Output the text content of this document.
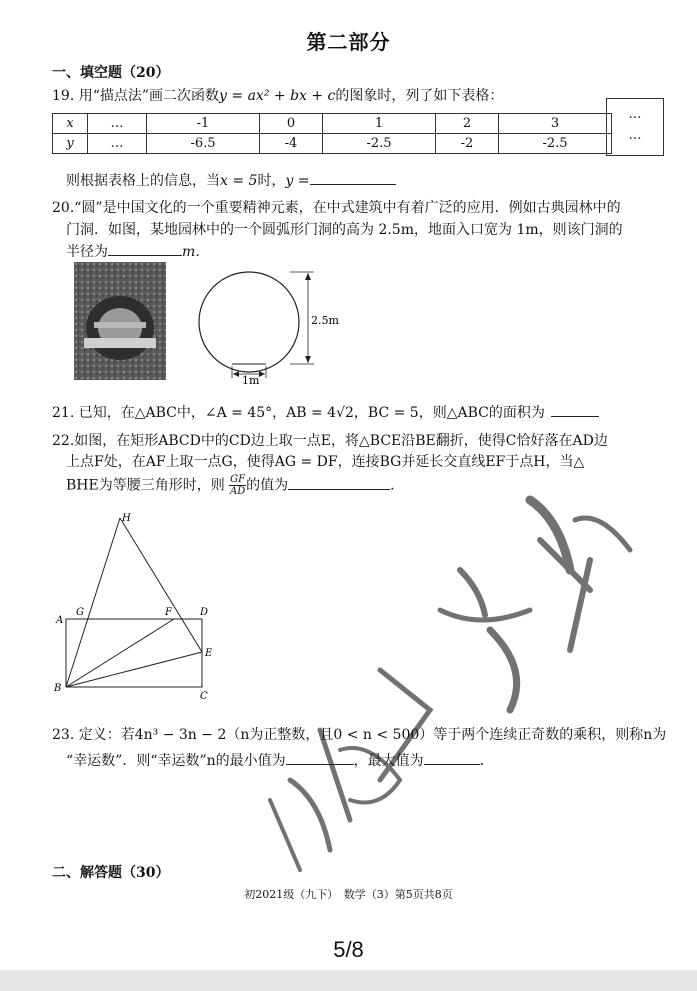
第二部分
一、填空题（20）
19. 用“描点法”画二次函数y = ax² + bx + c的图象时，列了如下表格：
x	…	-1	0	1	2	3
y	…	-6.5	-4	-2.5	-2	-2.5
…
…
则根据表格上的信息，当x = 5时，y =
20.“圆”是中国文化的一个重要精神元素，在中式建筑中有着广泛的应用．例如古典园林中的
门洞．如图，某地园林中的一个圆弧形门洞的高为 2.5m，地面入口宽为 1m，则该门洞的
半径为	m．
2.5m
1m
21. 已知，在△ABC中，∠A = 45°，AB = 4√2，BC = 5，则△ABC的面积为
22.如图，在矩形ABCD中的CD边上取一点E，将△BCE沿BE翻折，使得C恰好落在AD边
上点F处，在AF上取一点G，使得AG = DF，连接BG并延长交直线EF于点H，当△
BHE为等腰三角形时，则 $\frac{GF}{AD}$ 的值为	．
H
A
G	F	D
E
B
C
23. 定义：若4n³ − 3n − 2（n为正整数，且0 < n < 500）等于两个连续正奇数的乘积，则称n为
“幸运数”．则“幸运数”n的最小值为	，最大值为	．
二、解答题（30）
初2021级（九下）　数学（3）第5页共8页
5/8
